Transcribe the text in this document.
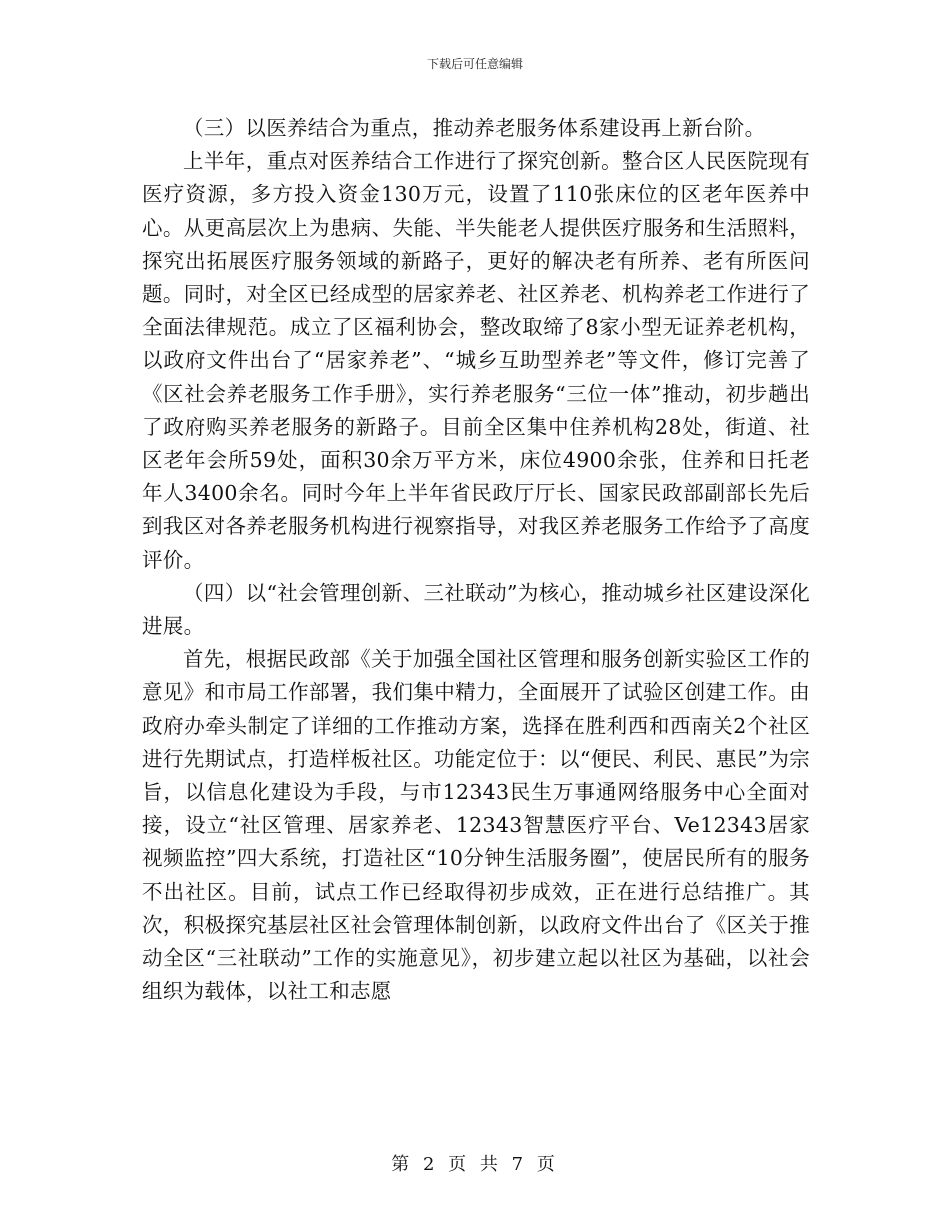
下载后可任意编辑

（三）以医养结合为重点，推动养老服务体系建设再上新台阶。

上半年，重点对医养结合工作进行了探究创新。整合区人民医院现有医疗资源，多方投入资金130万元，设置了110张床位的区老年医养中心。从更高层次上为患病、失能、半失能老人提供医疗服务和生活照料，探究出拓展医疗服务领域的新路子，更好的解决老有所养、老有所医问题。同时，对全区已经成型的居家养老、社区养老、机构养老工作进行了全面法律规范。成立了区福利协会，整改取缔了8家小型无证养老机构，以政府文件出台了“居家养老”、“城乡互助型养老”等文件，修订完善了《区社会养老服务工作手册》，实行养老服务“三位一体”推动，初步趟出了政府购买养老服务的新路子。目前全区集中住养机构28处，街道、社区老年会所59处，面积30余万平方米，床位4900余张，住养和日托老年人3400余名。同时今年上半年省民政厅厅长、国家民政部副部长先后到我区对各养老服务机构进行视察指导，对我区养老服务工作给予了高度评价。

（四）以“社会管理创新、三社联动”为核心，推动城乡社区建设深化进展。

首先，根据民政部《关于加强全国社区管理和服务创新实验区工作的意见》和市局工作部署，我们集中精力，全面展开了试验区创建工作。由政府办牵头制定了详细的工作推动方案，选择在胜利西和西南关2个社区进行先期试点，打造样板社区。功能定位于：以“便民、利民、惠民”为宗旨，以信息化建设为手段，与市12343民生万事通网络服务中心全面对接，设立“社区管理、居家养老、12343智慧医疗平台、Ve12343居家视频监控”四大系统，打造社区“10分钟生活服务圈”，使居民所有的服务不出社区。目前，试点工作已经取得初步成效，正在进行总结推广。其次，积极探究基层社区社会管理体制创新，以政府文件出台了《区关于推动全区“三社联动”工作的实施意见》，初步建立起以社区为基础，以社会组织为载体，以社工和志愿

第 2 页 共 7 页
